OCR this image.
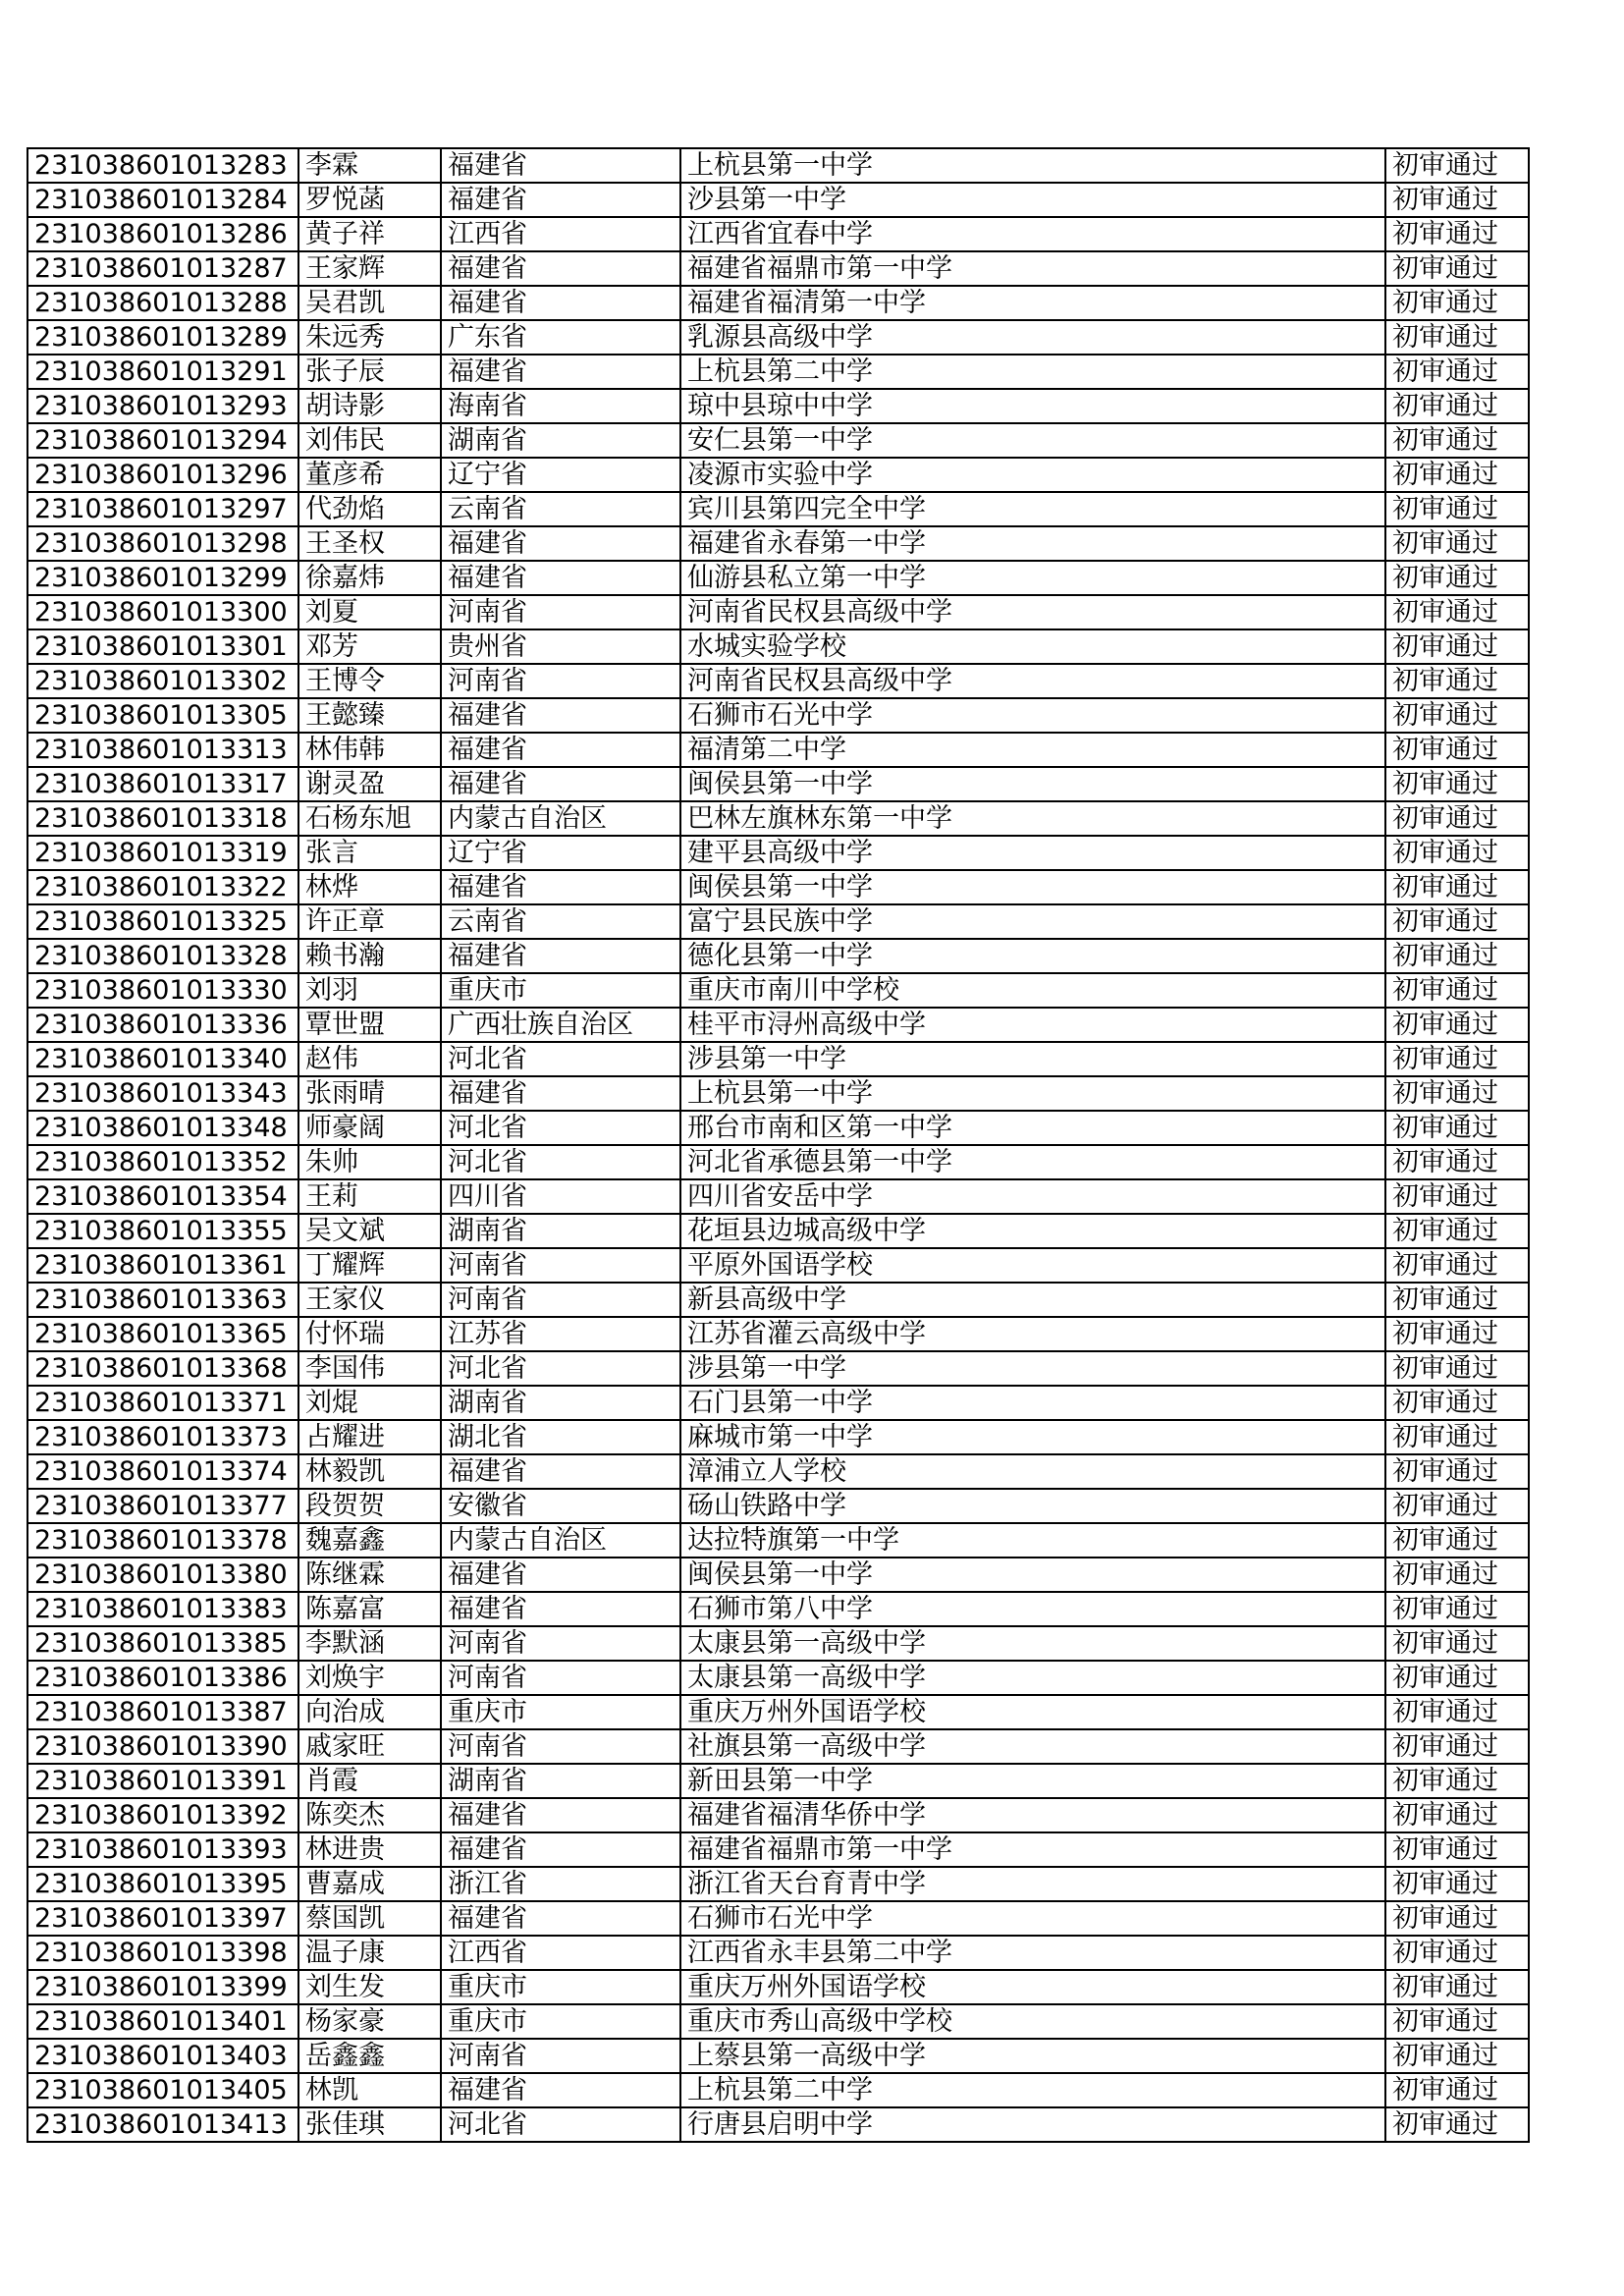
231038601013283	李霖	福建省	上杭县第一中学	初审通过
231038601013284	罗悦菡	福建省	沙县第一中学	初审通过
231038601013286	黄子祥	江西省	江西省宜春中学	初审通过
231038601013287	王家辉	福建省	福建省福鼎市第一中学	初审通过
231038601013288	吴君凯	福建省	福建省福清第一中学	初审通过
231038601013289	朱远秀	广东省	乳源县高级中学	初审通过
231038601013291	张子辰	福建省	上杭县第二中学	初审通过
231038601013293	胡诗影	海南省	琼中县琼中中学	初审通过
231038601013294	刘伟民	湖南省	安仁县第一中学	初审通过
231038601013296	董彦希	辽宁省	凌源市实验中学	初审通过
231038601013297	代劲焰	云南省	宾川县第四完全中学	初审通过
231038601013298	王圣权	福建省	福建省永春第一中学	初审通过
231038601013299	徐嘉炜	福建省	仙游县私立第一中学	初审通过
231038601013300	刘夏	河南省	河南省民权县高级中学	初审通过
231038601013301	邓芳	贵州省	水城实验学校	初审通过
231038601013302	王博令	河南省	河南省民权县高级中学	初审通过
231038601013305	王懿臻	福建省	石狮市石光中学	初审通过
231038601013313	林伟韩	福建省	福清第二中学	初审通过
231038601013317	谢灵盈	福建省	闽侯县第一中学	初审通过
231038601013318	石杨东旭	内蒙古自治区	巴林左旗林东第一中学	初审通过
231038601013319	张言	辽宁省	建平县高级中学	初审通过
231038601013322	林烨	福建省	闽侯县第一中学	初审通过
231038601013325	许正章	云南省	富宁县民族中学	初审通过
231038601013328	赖书瀚	福建省	德化县第一中学	初审通过
231038601013330	刘羽	重庆市	重庆市南川中学校	初审通过
231038601013336	覃世盟	广西壮族自治区	桂平市浔州高级中学	初审通过
231038601013340	赵伟	河北省	涉县第一中学	初审通过
231038601013343	张雨晴	福建省	上杭县第一中学	初审通过
231038601013348	师豪阔	河北省	邢台市南和区第一中学	初审通过
231038601013352	朱帅	河北省	河北省承德县第一中学	初审通过
231038601013354	王莉	四川省	四川省安岳中学	初审通过
231038601013355	吴文斌	湖南省	花垣县边城高级中学	初审通过
231038601013361	丁耀辉	河南省	平原外国语学校	初审通过
231038601013363	王家仪	河南省	新县高级中学	初审通过
231038601013365	付怀瑞	江苏省	江苏省灌云高级中学	初审通过
231038601013368	李国伟	河北省	涉县第一中学	初审通过
231038601013371	刘焜	湖南省	石门县第一中学	初审通过
231038601013373	占耀进	湖北省	麻城市第一中学	初审通过
231038601013374	林毅凯	福建省	漳浦立人学校	初审通过
231038601013377	段贺贺	安徽省	砀山铁路中学	初审通过
231038601013378	魏嘉鑫	内蒙古自治区	达拉特旗第一中学	初审通过
231038601013380	陈继霖	福建省	闽侯县第一中学	初审通过
231038601013383	陈嘉富	福建省	石狮市第八中学	初审通过
231038601013385	李默涵	河南省	太康县第一高级中学	初审通过
231038601013386	刘焕宇	河南省	太康县第一高级中学	初审通过
231038601013387	向治成	重庆市	重庆万州外国语学校	初审通过
231038601013390	戚家旺	河南省	社旗县第一高级中学	初审通过
231038601013391	肖霞	湖南省	新田县第一中学	初审通过
231038601013392	陈奕杰	福建省	福建省福清华侨中学	初审通过
231038601013393	林进贵	福建省	福建省福鼎市第一中学	初审通过
231038601013395	曹嘉成	浙江省	浙江省天台育青中学	初审通过
231038601013397	蔡国凯	福建省	石狮市石光中学	初审通过
231038601013398	温子康	江西省	江西省永丰县第二中学	初审通过
231038601013399	刘生发	重庆市	重庆万州外国语学校	初审通过
231038601013401	杨家豪	重庆市	重庆市秀山高级中学校	初审通过
231038601013403	岳鑫鑫	河南省	上蔡县第一高级中学	初审通过
231038601013405	林凯	福建省	上杭县第二中学	初审通过
231038601013413	张佳琪	河北省	行唐县启明中学	初审通过
